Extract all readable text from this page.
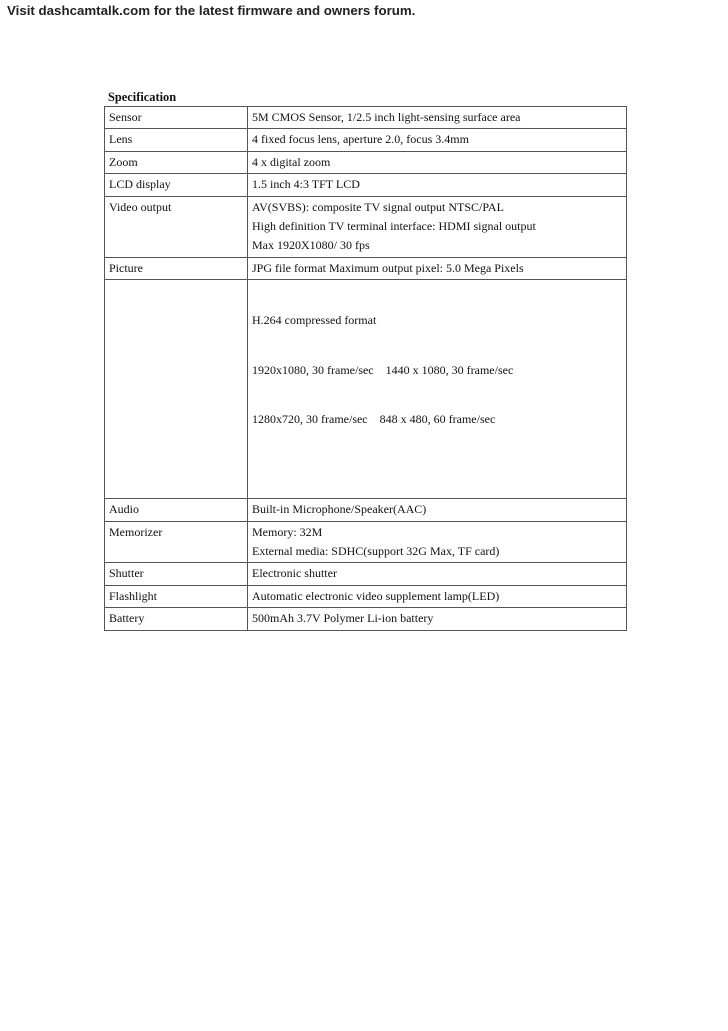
Visit dashcamtalk.com for the latest firmware and owners forum.
Specification
Sensor	5M CMOS Sensor, 1/2.5 inch light-sensing surface area

Lens	4 fixed focus lens, aperture 2.0, focus 3.4mm

Zoom	4 x digital zoom

LCD display	1.5 inch 4:3 TFT LCD

Video output	AV(SVBS): composite TV signal output NTSC/PAL
High definition TV terminal interface: HDMI signal output
Max 1920X1080/ 30 fps

Picture	JPG file format Maximum output pixel: 5.0 Mega Pixels

	H.264 compressed format

1920x1080, 30 frame/sec    1440 x 1080, 30 frame/sec

1280x720, 30 frame/sec    848 x 480, 60 frame/sec

Audio	Built-in Microphone/Speaker(AAC)

Memorizer	Memory: 32M
External media: SDHC(support 32G Max, TF card)

Shutter	Electronic shutter

Flashlight	Automatic electronic video supplement lamp(LED)

Battery	500mAh 3.7V Polymer Li-ion battery
